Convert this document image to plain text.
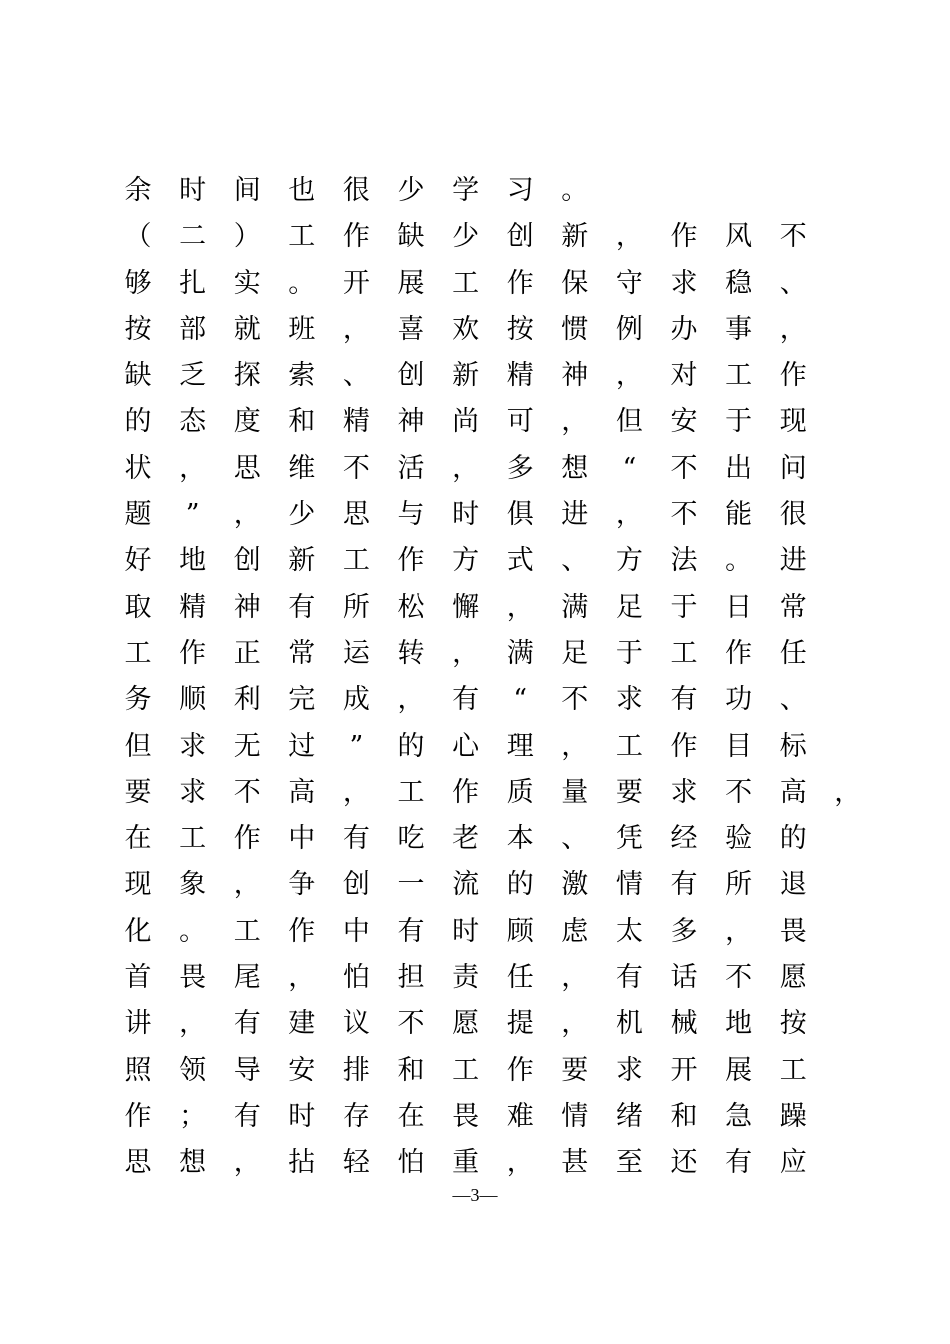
余 时 间 也 很 少 学 习 。
（ 二 ） 工 作 缺 少 创 新 ， 作 风 不
够 扎 实 。 开 展 工 作 保 守 求 稳 、
按 部 就 班 ， 喜 欢 按 惯 例 办 事 ，
缺 乏 探 索 、 创 新 精 神 ， 对 工 作
的 态 度 和 精 神 尚 可 ， 但 安 于 现
状 ， 思 维 不 活 ， 多 想	“	不 出 问
题	”	， 少 思 与 时 俱 进 ， 不 能 很
好 地 创 新 工 作 方 式 、 方 法 。 进
取 精 神 有 所 松 懈 ， 满 足 于 日 常
工 作 正 常 运 转 ， 满 足 于 工 作 任
务 顺 利 完 成 ， 有	“	不 求 有 功 、
但 求 无 过	”	的 心 理 ， 工 作 目 标
要 求 不 高 ， 工 作 质 量 要 求 不 高 ，
在 工 作 中 有 吃 老 本 、 凭 经 验 的
现 象 ， 争 创 一 流 的 激 情 有 所 退
化 。 工 作 中 有 时 顾 虑 太 多 ， 畏
首 畏 尾 ， 怕 担 责 任 ， 有 话 不 愿
讲 ， 有 建 议 不 愿 提 ， 机 械 地 按
照 领 导 安 排 和 工 作 要 求 开 展 工
作 ； 有 时 存 在 畏 难 情 绪 和 急 躁
思 想 ， 拈 轻 怕 重 ， 甚 至 还 有 应
—3—
